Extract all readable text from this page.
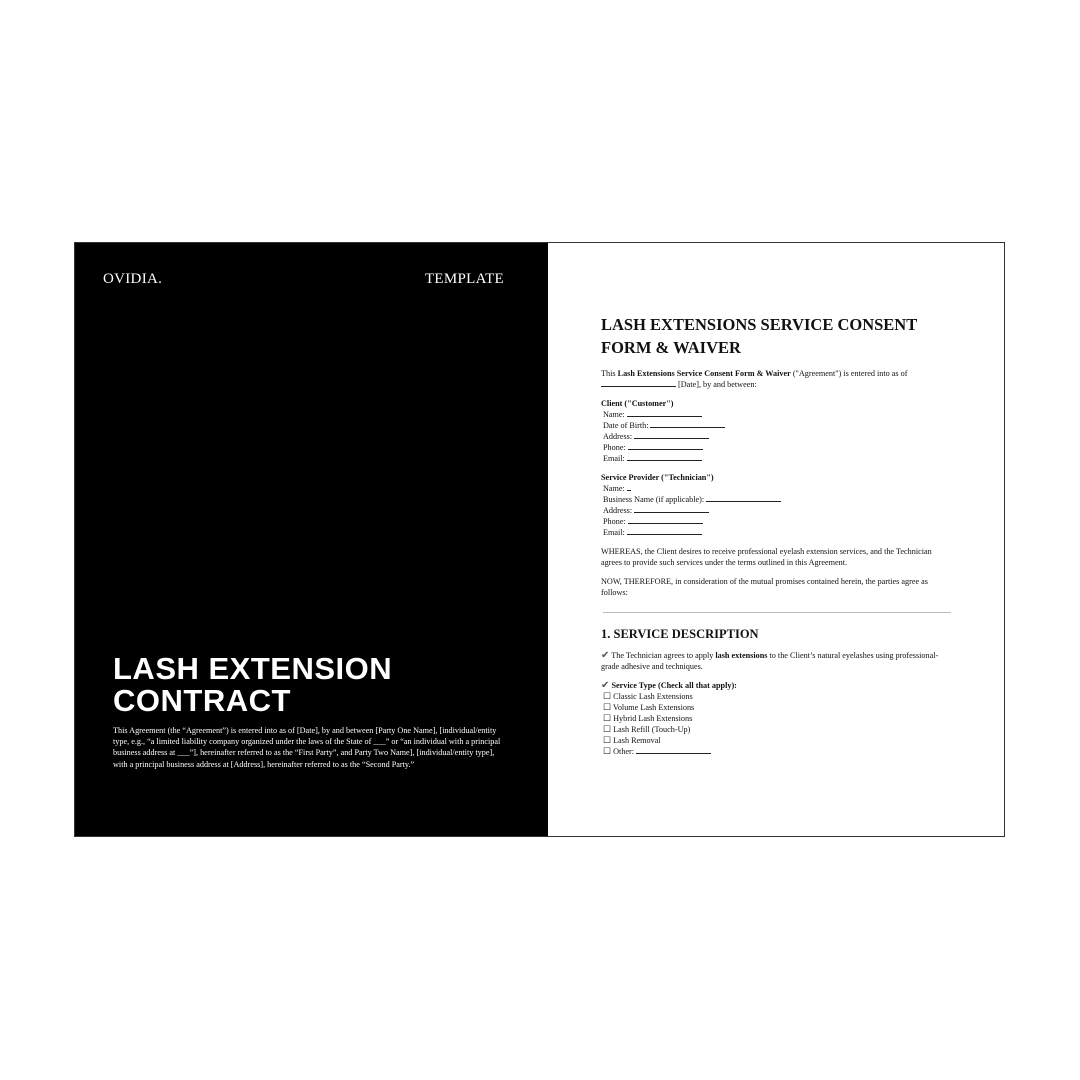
OVIDIA.	TEMPLATE
LASH EXTENSION CONTRACT

This Agreement (the “Agreement”) is entered into as of [Date], by and between [Party One Name], [individual/entity type, e.g., “a limited liability company organized under the laws of the State of ___” or “an individual with a principal business address at ___”], hereinafter referred to as the “First Party”, and Party Two Name], [individual/entity type], with a principal business address at [Address], hereinafter referred to as the “Second Party.”

LASH EXTENSIONS SERVICE CONSENT FORM & WAIVER

This Lash Extensions Service Consent Form & Waiver ("Agreement") is entered into as of
[Date], by and between:

Client ("Customer")
Name:
Date of Birth:
Address:
Phone:
Email:
Service Provider ("Technician")
Name:
Business Name (if applicable):
Address:
Phone:
Email:

WHEREAS, the Client desires to receive professional eyelash extension services, and the Technician agrees to provide such services under the terms outlined in this Agreement.

NOW, THEREFORE, in consideration of the mutual promises contained herein, the parties agree as follows:

1. SERVICE DESCRIPTION

✔ The Technician agrees to apply lash extensions to the Client’s natural eyelashes using professional-grade adhesive and techniques.

✔ Service Type (Check all that apply):
☐ Classic Lash Extensions
☐ Volume Lash Extensions
☐ Hybrid Lash Extensions
☐ Lash Refill (Touch-Up)
☐ Lash Removal
☐ Other:
